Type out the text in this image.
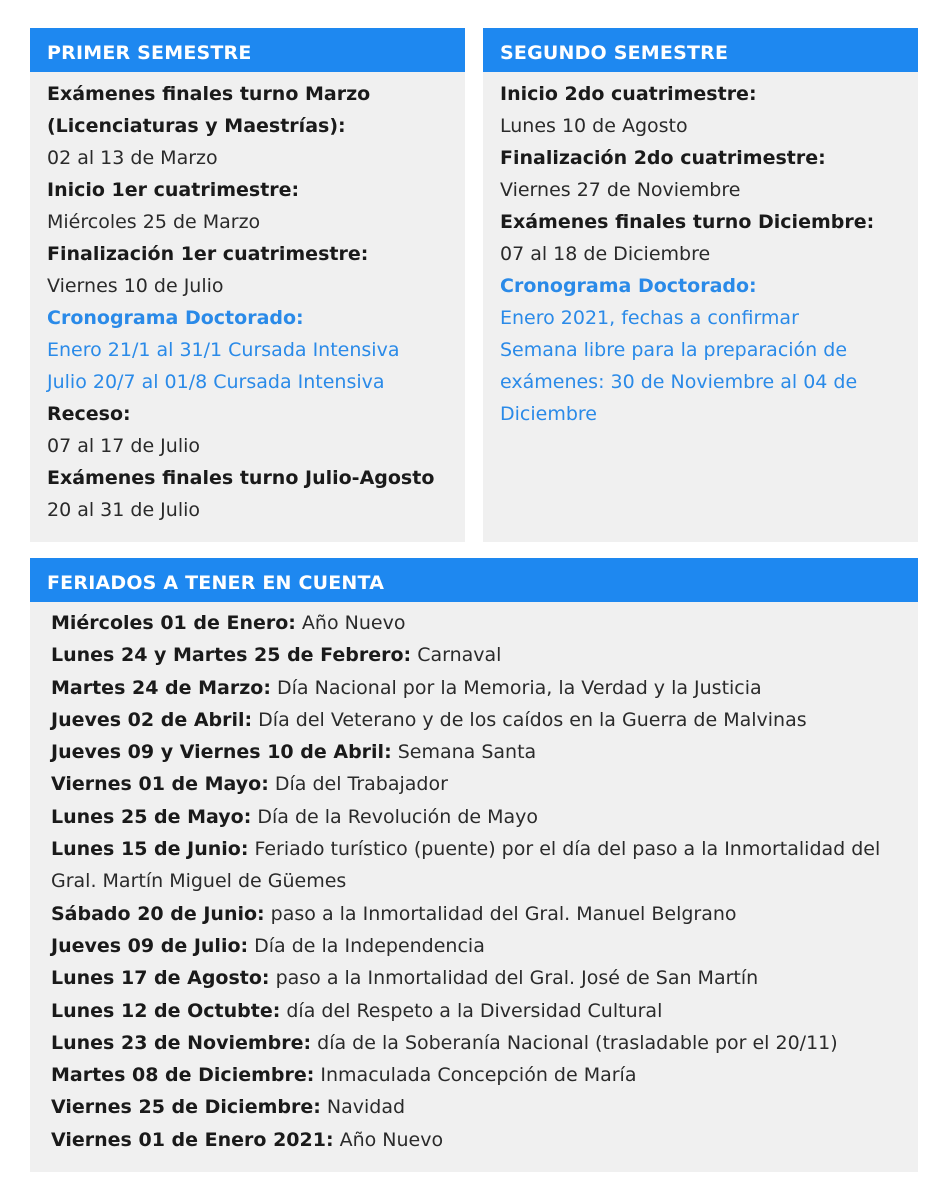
PRIMER SEMESTRE
Exámenes finales turno Marzo
(Licenciaturas y Maestrías):
02 al 13 de Marzo
Inicio 1er cuatrimestre:
Miércoles 25 de Marzo
Finalización 1er cuatrimestre:
Viernes 10 de Julio
Cronograma Doctorado:
Enero 21/1 al 31/1 Cursada Intensiva
Julio 20/7 al 01/8 Cursada Intensiva
Receso:
07 al 17 de Julio
Exámenes finales turno Julio-Agosto
20 al 31 de Julio
SEGUNDO SEMESTRE
Inicio 2do cuatrimestre:
Lunes 10 de Agosto
Finalización 2do cuatrimestre:
Viernes 27 de Noviembre
Exámenes finales turno Diciembre:
07 al 18 de Diciembre
Cronograma Doctorado:
Enero 2021, fechas a confirmar
Semana libre para la preparación de
exámenes: 30 de Noviembre al 04 de
Diciembre
FERIADOS A TENER EN CUENTA
Miércoles 01 de Enero: Año Nuevo
Lunes 24 y Martes 25 de Febrero: Carnaval
Martes 24 de Marzo: Día Nacional por la Memoria, la Verdad y la Justicia
Jueves 02 de Abril: Día del Veterano y de los caídos en la Guerra de Malvinas
Jueves 09 y Viernes 10 de Abril: Semana Santa
Viernes 01 de Mayo: Día del Trabajador
Lunes 25 de Mayo: Día de la Revolución de Mayo
Lunes 15 de Junio: Feriado turístico (puente) por el día del paso a la Inmortalidad del Gral. Martín Miguel de Güemes
Sábado 20 de Junio: paso a la Inmortalidad del Gral. Manuel Belgrano
Jueves 09 de Julio: Día de la Independencia
Lunes 17 de Agosto: paso a la Inmortalidad del Gral. José de San Martín
Lunes 12 de Octubte: día del Respeto a la Diversidad Cultural
Lunes 23 de Noviembre: día de la Soberanía Nacional (trasladable por el 20/11)
Martes 08 de Diciembre: Inmaculada Concepción de María
Viernes 25 de Diciembre: Navidad
Viernes 01 de Enero 2021: Año Nuevo
